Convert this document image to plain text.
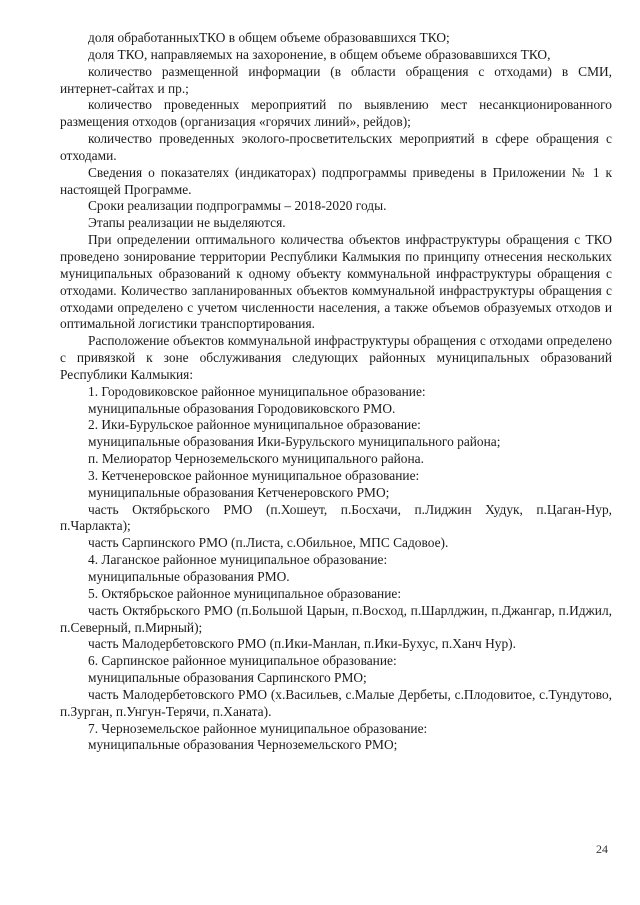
доля обработанныхТКО в общем объеме образовавшихся ТКО;

доля ТКО, направляемых на захоронение, в общем объеме образовавшихся ТКО,

количество размещенной информации (в области обращения с отходами) в СМИ, интернет-сайтах и пр.;

количество проведенных мероприятий по выявлению мест несанкционированного размещения отходов (организация «горячих линий», рейдов);

количество проведенных эколого-просветительских мероприятий в сфере обращения с отходами.

Сведения о показателях (индикаторах) подпрограммы приведены в Приложении № 1 к настоящей Программе.

Сроки реализации подпрограммы – 2018-2020 годы.

Этапы реализации не выделяются.

При определении оптимального количества объектов инфраструктуры обращения с ТКО проведено зонирование территории Республики Калмыкия по принципу отнесения нескольких муниципальных образований к одному объекту коммунальной инфраструктуры обращения с отходами. Количество запланированных объектов коммунальной инфраструктуры обращения с отходами определено с учетом численности населения, а также объемов образуемых отходов и оптимальной логистики транспортирования.

Расположение объектов коммунальной инфраструктуры обращения с отходами определено с привязкой к зоне обслуживания следующих районных муниципальных образований Республики Калмыкия:

1. Городовиковское районное муниципальное образование:

муниципальные образования Городовиковского РМО.

2. Ики-Бурульское районное муниципальное образование:

муниципальные образования Ики-Бурульского муниципального района;

п. Мелиоратор Черноземельского муниципального района.

3. Кетченеровское районное муниципальное образование:

муниципальные образования Кетченеровского РМО;

часть Октябрьского РМО (п.Хошеут, п.Босхачи, п.Лиджин Худук, п.Цаган-Нур, п.Чарлакта);

часть Сарпинского РМО (п.Листа, с.Обильное, МПС Садовое).

4. Лаганское районное муниципальное образование:

муниципальные образования РМО.

5. Октябрьское районное муниципальное образование:

часть Октябрьского РМО (п.Большой Царын, п.Восход, п.Шарлджин, п.Джангар, п.Иджил, п.Северный, п.Мирный);

часть Малодербетовского РМО (п.Ики-Манлан, п.Ики-Бухус, п.Ханч Нур).

6. Сарпинское районное муниципальное образование:

муниципальные образования Сарпинского РМО;

часть Малодербетовского РМО (х.Васильев, с.Малые Дербеты, с.Плодовитое, с.Тундутово, п.Зурган, п.Унгун-Терячи, п.Ханата).

7. Черноземельское районное муниципальное образование:

муниципальные образования Черноземельского РМО;

24
